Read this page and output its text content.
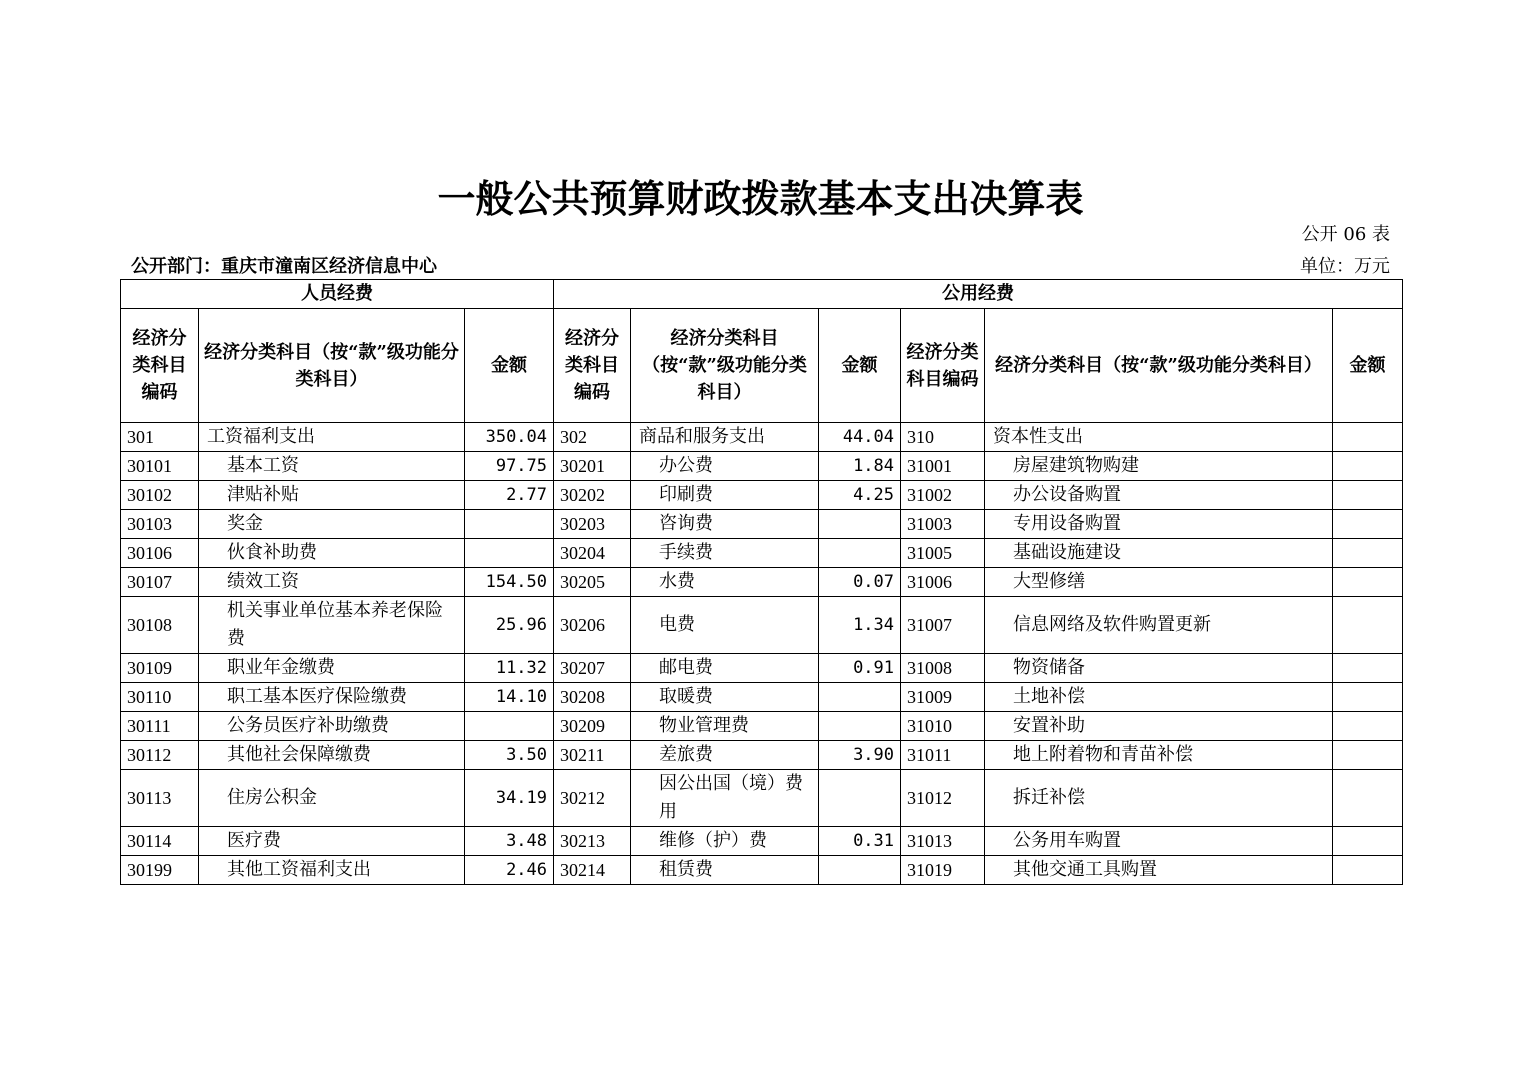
一般公共预算财政拨款基本支出决算表
公开 06 表
公开部门：重庆市潼南区经济信息中心	单位：万元
人员经费			公用经费					
经济分类科目编码	经济分类科目（按“款”级功能分类科目）	金额	经济分类科目编码	经济分类科目（按“款”级功能分类科目）	金额	经济分类科目编码	经济分类科目（按“款”级功能分类科目）	金额
301	工资福利支出	350.04	302	商品和服务支出	44.04	310	资本性支出	
30101	基本工资	97.75	30201	办公费	1.84	31001	房屋建筑物购建	
30102	津贴补贴	2.77	30202	印刷费	4.25	31002	办公设备购置	
30103	奖金		30203	咨询费		31003	专用设备购置	
30106	伙食补助费		30204	手续费		31005	基础设施建设	
30107	绩效工资	154.50	30205	水费	0.07	31006	大型修缮	
30108	机关事业单位基本养老保险费	25.96	30206	电费	1.34	31007	信息网络及软件购置更新	
30109	职业年金缴费	11.32	30207	邮电费	0.91	31008	物资储备	
30110	职工基本医疗保险缴费	14.10	30208	取暖费		31009	土地补偿	
30111	公务员医疗补助缴费		30209	物业管理费		31010	安置补助	
30112	其他社会保障缴费	3.50	30211	差旅费	3.90	31011	地上附着物和青苗补偿	
30113	住房公积金	34.19	30212	因公出国（境）费用		31012	拆迁补偿	
30114	医疗费	3.48	30213	维修（护）费	0.31	31013	公务用车购置	
30199	其他工资福利支出	2.46	30214	租赁费		31019	其他交通工具购置	
